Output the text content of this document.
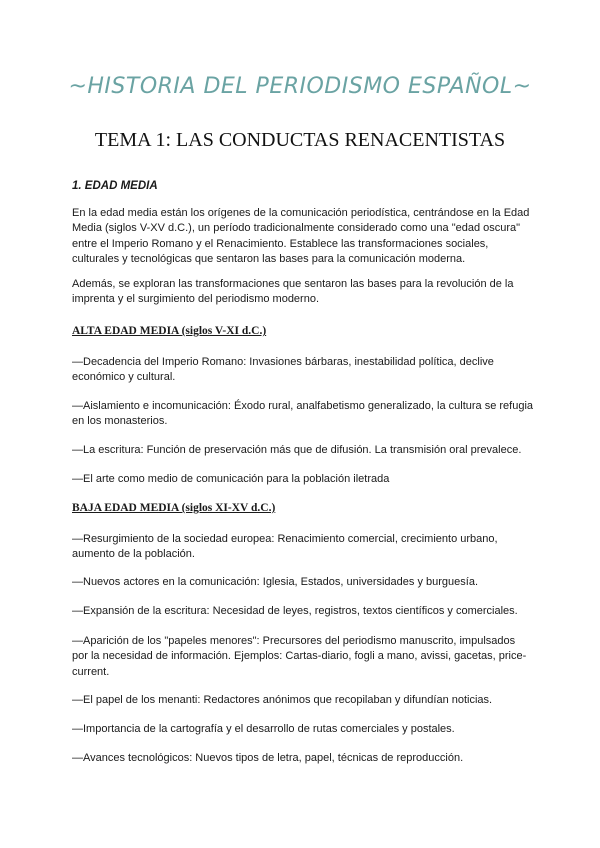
~HISTORIA DEL PERIODISMO ESPAÑOL~
TEMA 1: LAS CONDUCTAS RENACENTISTAS
1. EDAD MEDIA
En la edad media están los orígenes de la comunicación periodística, centrándose en la Edad Media (siglos V-XV d.C.), un período tradicionalmente considerado como una "edad oscura" entre el Imperio Romano y el Renacimiento. Establece las transformaciones sociales, culturales y tecnológicas que sentaron las bases para la comunicación moderna.
Además, se exploran las transformaciones que sentaron las bases para la revolución de la imprenta y el surgimiento del periodismo moderno.
ALTA EDAD MEDIA (siglos V-XI d.C.)
—Decadencia del Imperio Romano: Invasiones bárbaras, inestabilidad política, declive económico y cultural.
—Aislamiento e incomunicación: Éxodo rural, analfabetismo generalizado, la cultura se refugia en los monasterios.
—La escritura: Función de preservación más que de difusión. La transmisión oral prevalece.
—El arte como medio de comunicación para la población iletrada
BAJA EDAD MEDIA (siglos XI-XV d.C.)
—Resurgimiento de la sociedad europea: Renacimiento comercial, crecimiento urbano, aumento de la población.
—Nuevos actores en la comunicación: Iglesia, Estados, universidades y burguesía.
—Expansión de la escritura: Necesidad de leyes, registros, textos científicos y comerciales.
—Aparición de los "papeles menores": Precursores del periodismo manuscrito, impulsados por la necesidad de información. Ejemplos: Cartas-diario, fogli a mano, avissi, gacetas, price-current.
—El papel de los menanti: Redactores anónimos que recopilaban y difundían noticias.
—Importancia de la cartografía y el desarrollo de rutas comerciales y postales.
—Avances tecnológicos: Nuevos tipos de letra, papel, técnicas de reproducción.
